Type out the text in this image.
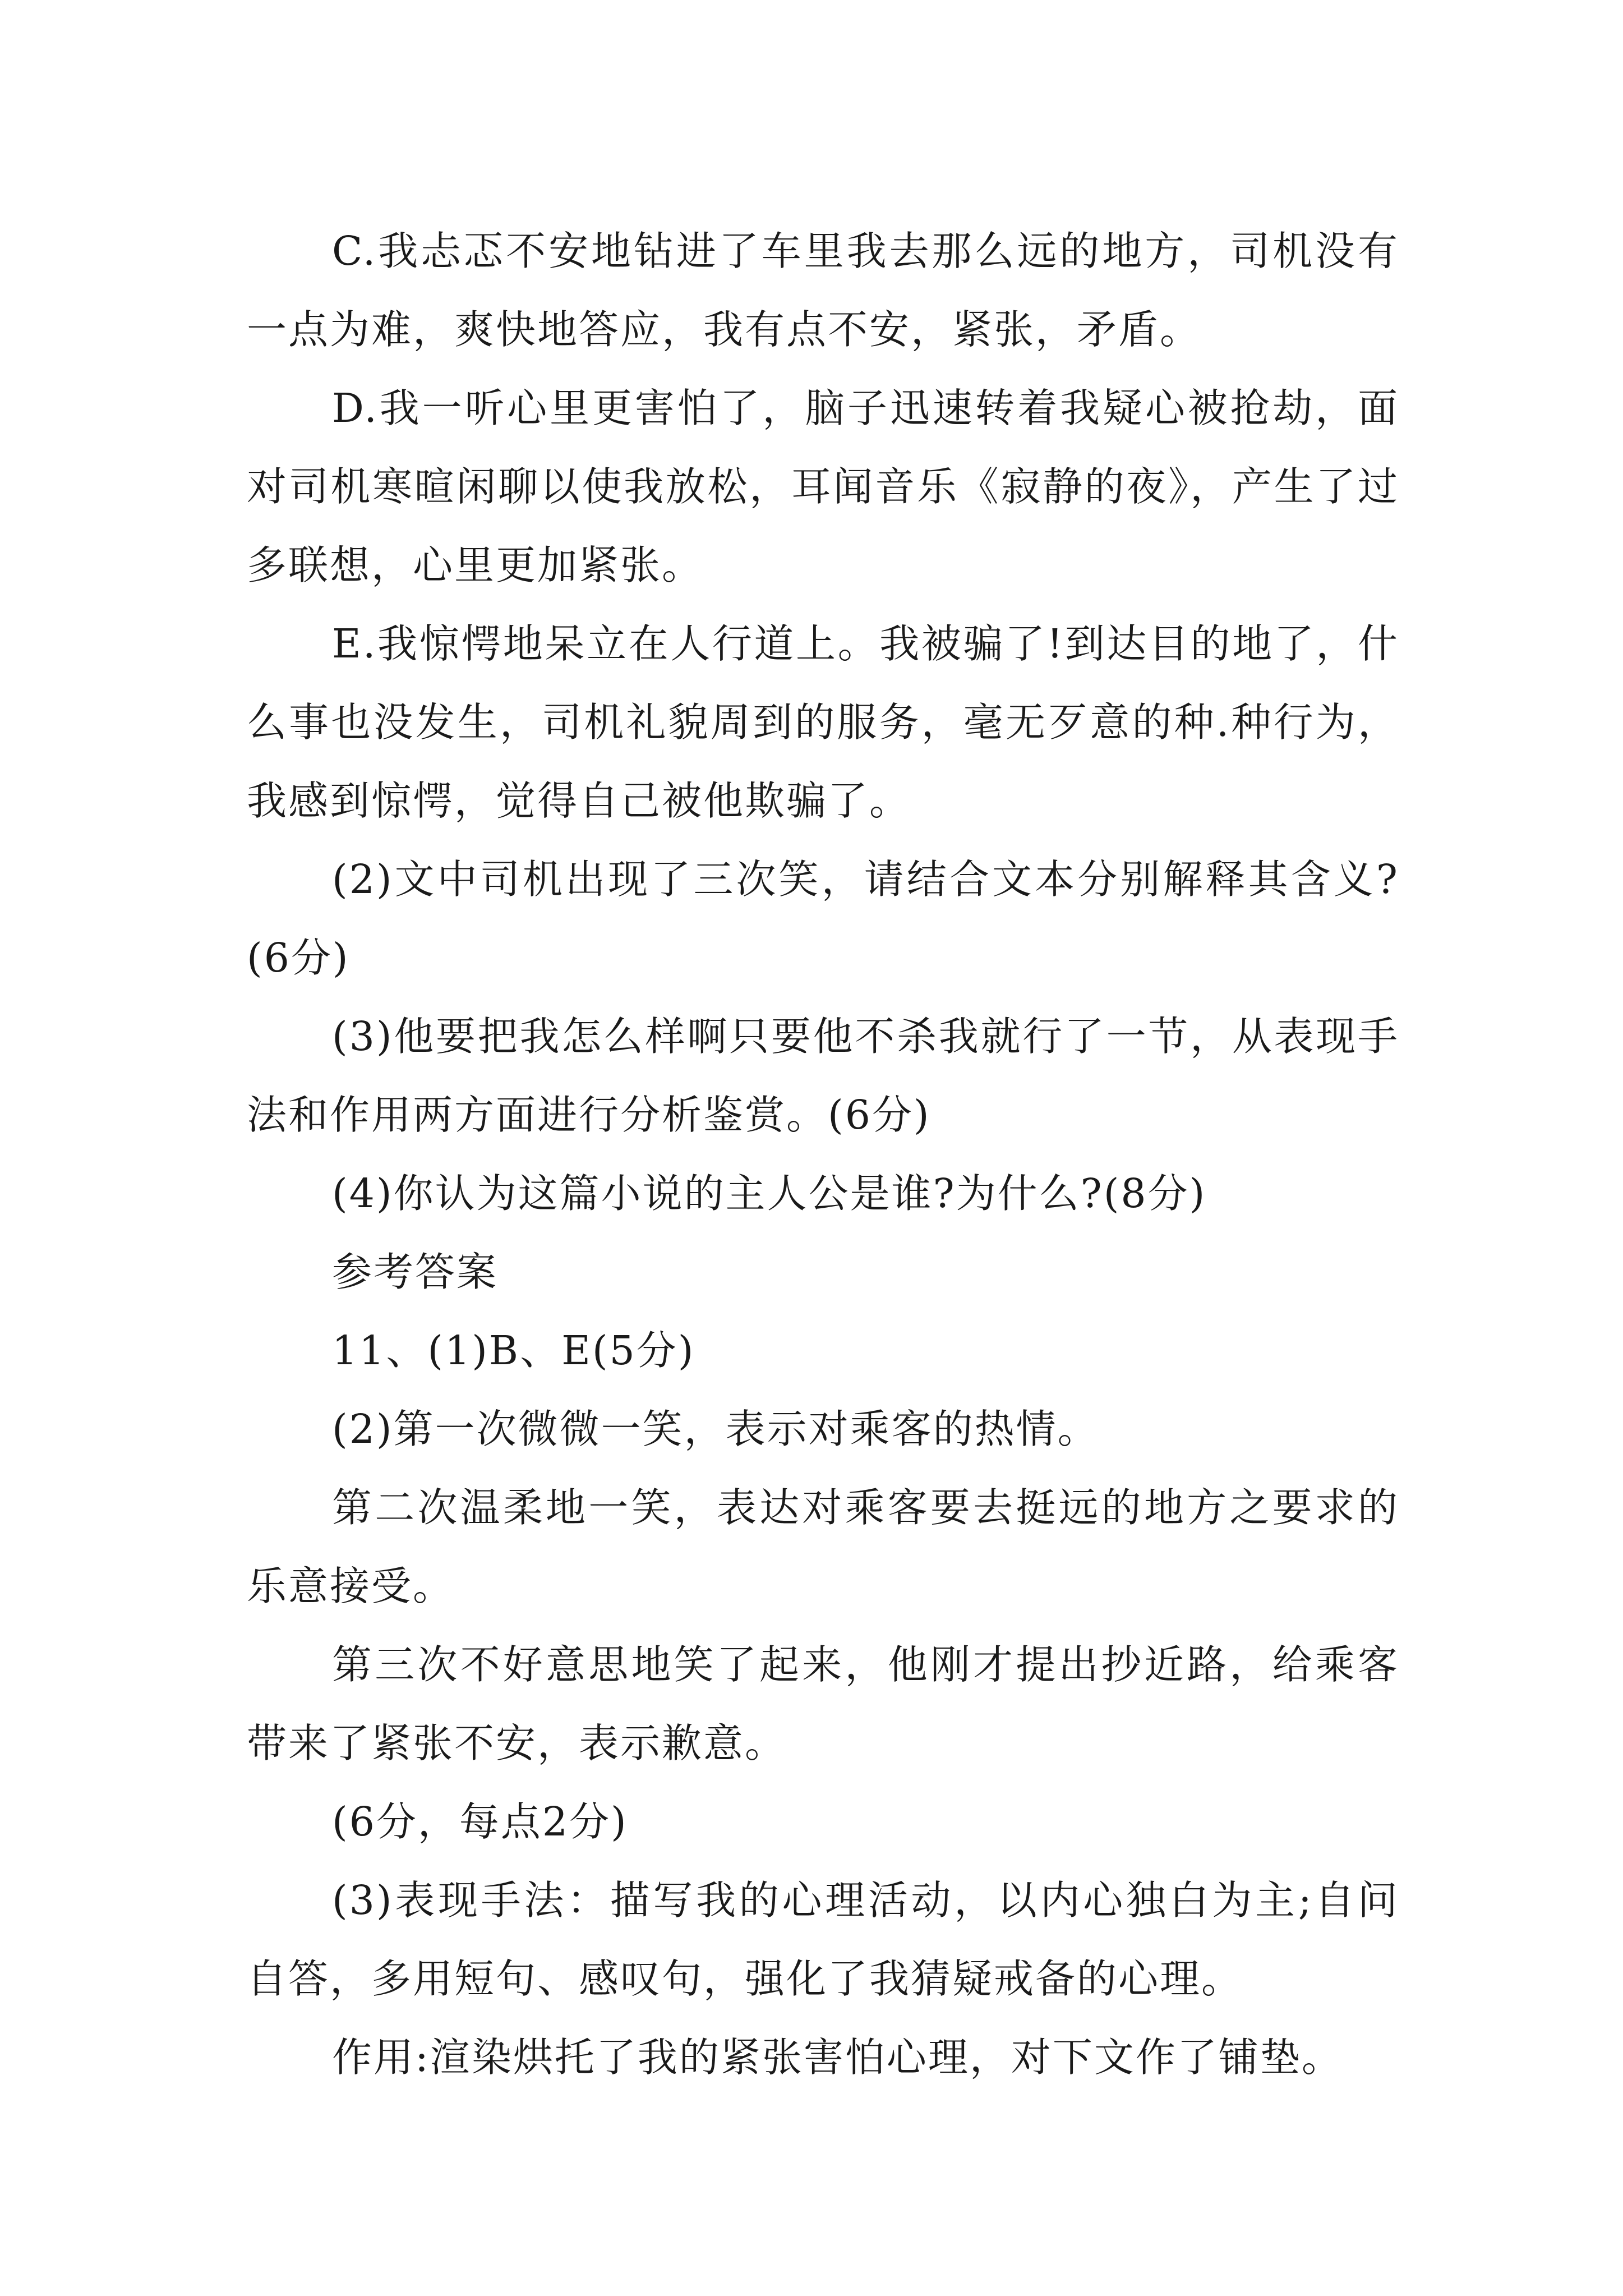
C.我忐忑不安地钻进了车里我去那么远的地方，司机没有一点为难，爽快地答应，我有点不安，紧张，矛盾。

D.我一听心里更害怕了，脑子迅速转着我疑心被抢劫，面对司机寒暄闲聊以使我放松，耳闻音乐《寂静的夜》，产生了过多联想，心里更加紧张。

E.我惊愕地呆立在人行道上。我被骗了!到达目的地了，什么事也没发生，司机礼貌周到的服务，毫无歹意的种.种行为，我感到惊愕，觉得自己被他欺骗了。

(2)文中司机出现了三次笑，请结合文本分别解释其含义?(6分)

(3)他要把我怎么样啊只要他不杀我就行了一节，从表现手法和作用两方面进行分析鉴赏。(6分)

(4)你认为这篇小说的主人公是谁?为什么?(8分)

参考答案

11、(1)B、E(5分)

(2)第一次微微一笑，表示对乘客的热情。

第二次温柔地一笑，表达对乘客要去挺远的地方之要求的乐意接受。

第三次不好意思地笑了起来，他刚才提出抄近路，给乘客带来了紧张不安，表示歉意。

(6分，每点2分)

(3)表现手法：描写我的心理活动，以内心独白为主;自问自答，多用短句、感叹句，强化了我猜疑戒备的心理。

作用:渲染烘托了我的紧张害怕心理，对下文作了铺垫。
